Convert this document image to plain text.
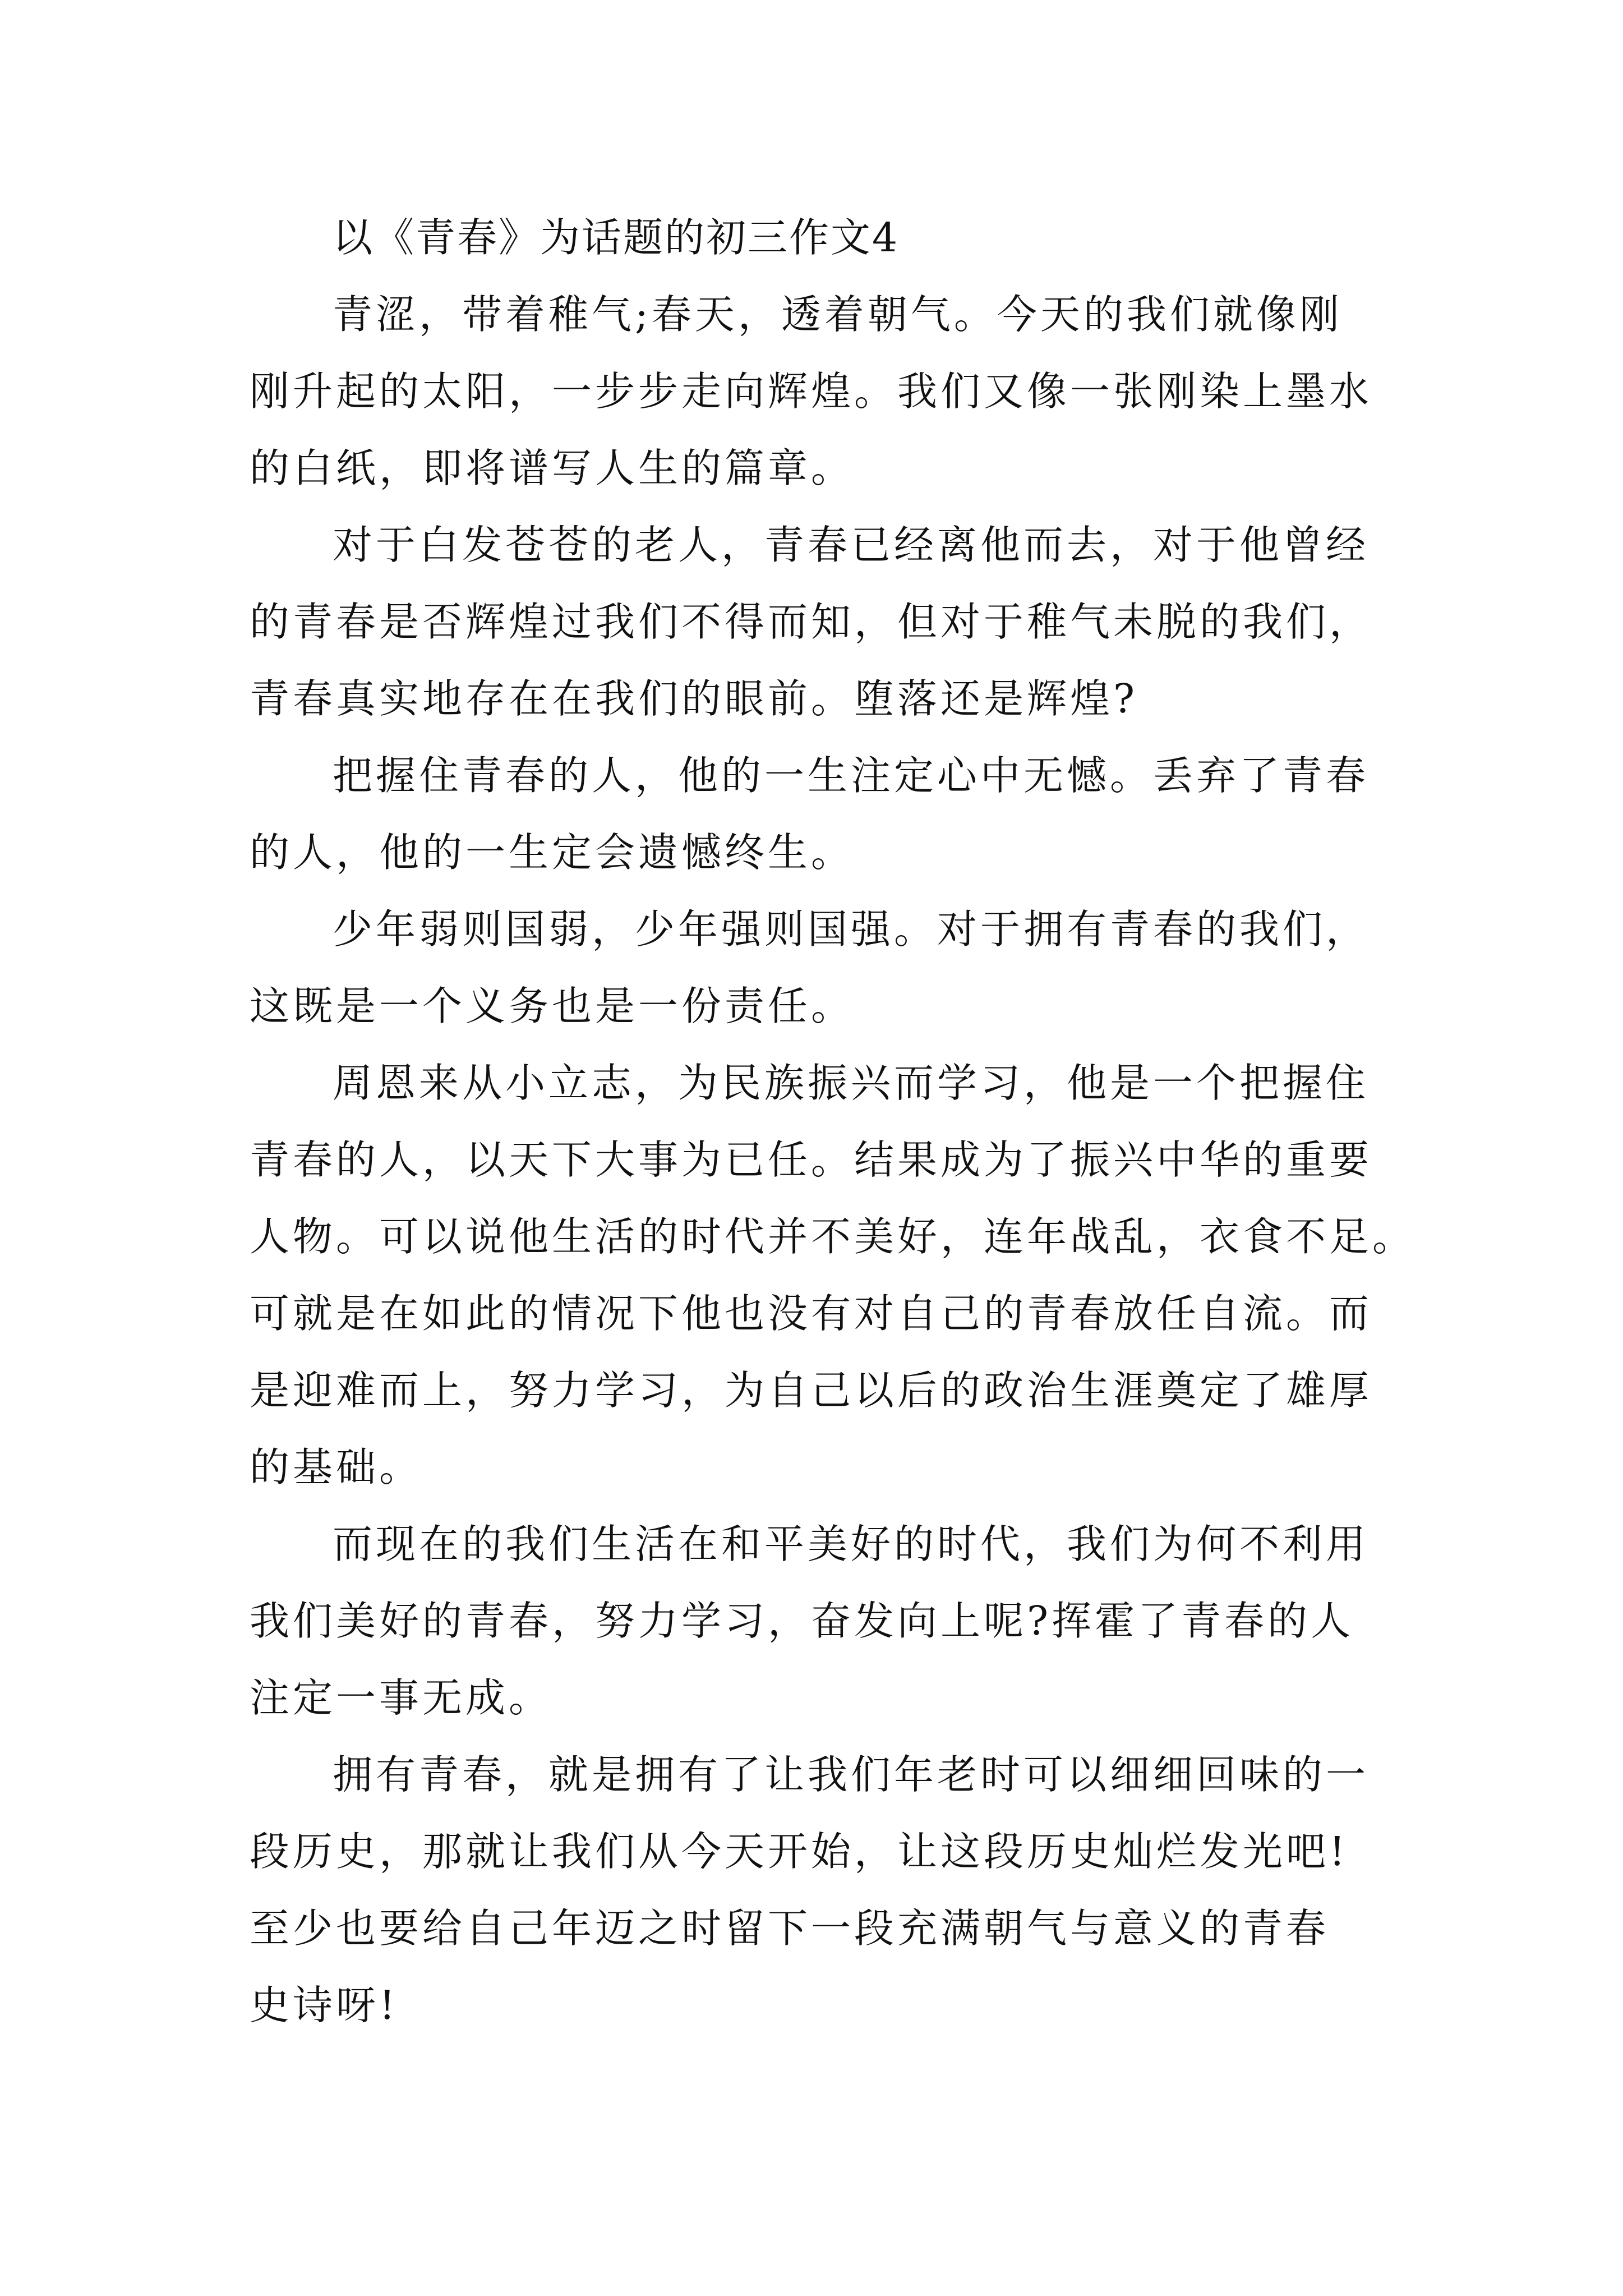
以《青春》为话题的初三作文4
青涩，带着稚气;春天，透着朝气。今天的我们就像刚
刚升起的太阳，一步步走向辉煌。我们又像一张刚染上墨水
的白纸，即将谱写人生的篇章。
对于白发苍苍的老人，青春已经离他而去，对于他曾经
的青春是否辉煌过我们不得而知，但对于稚气未脱的我们，
青春真实地存在在我们的眼前。堕落还是辉煌?
把握住青春的人，他的一生注定心中无憾。丢弃了青春
的人，他的一生定会遗憾终生。
少年弱则国弱，少年强则国强。对于拥有青春的我们，
这既是一个义务也是一份责任。
周恩来从小立志，为民族振兴而学习，他是一个把握住
青春的人，以天下大事为已任。结果成为了振兴中华的重要
人物。可以说他生活的时代并不美好，连年战乱，衣食不足。
可就是在如此的情况下他也没有对自己的青春放任自流。而
是迎难而上，努力学习，为自己以后的政治生涯奠定了雄厚
的基础。
而现在的我们生活在和平美好的时代，我们为何不利用
我们美好的青春，努力学习，奋发向上呢?挥霍了青春的人
注定一事无成。
拥有青春，就是拥有了让我们年老时可以细细回味的一
段历史，那就让我们从今天开始，让这段历史灿烂发光吧!
至少也要给自己年迈之时留下一段充满朝气与意义的青春
史诗呀!
